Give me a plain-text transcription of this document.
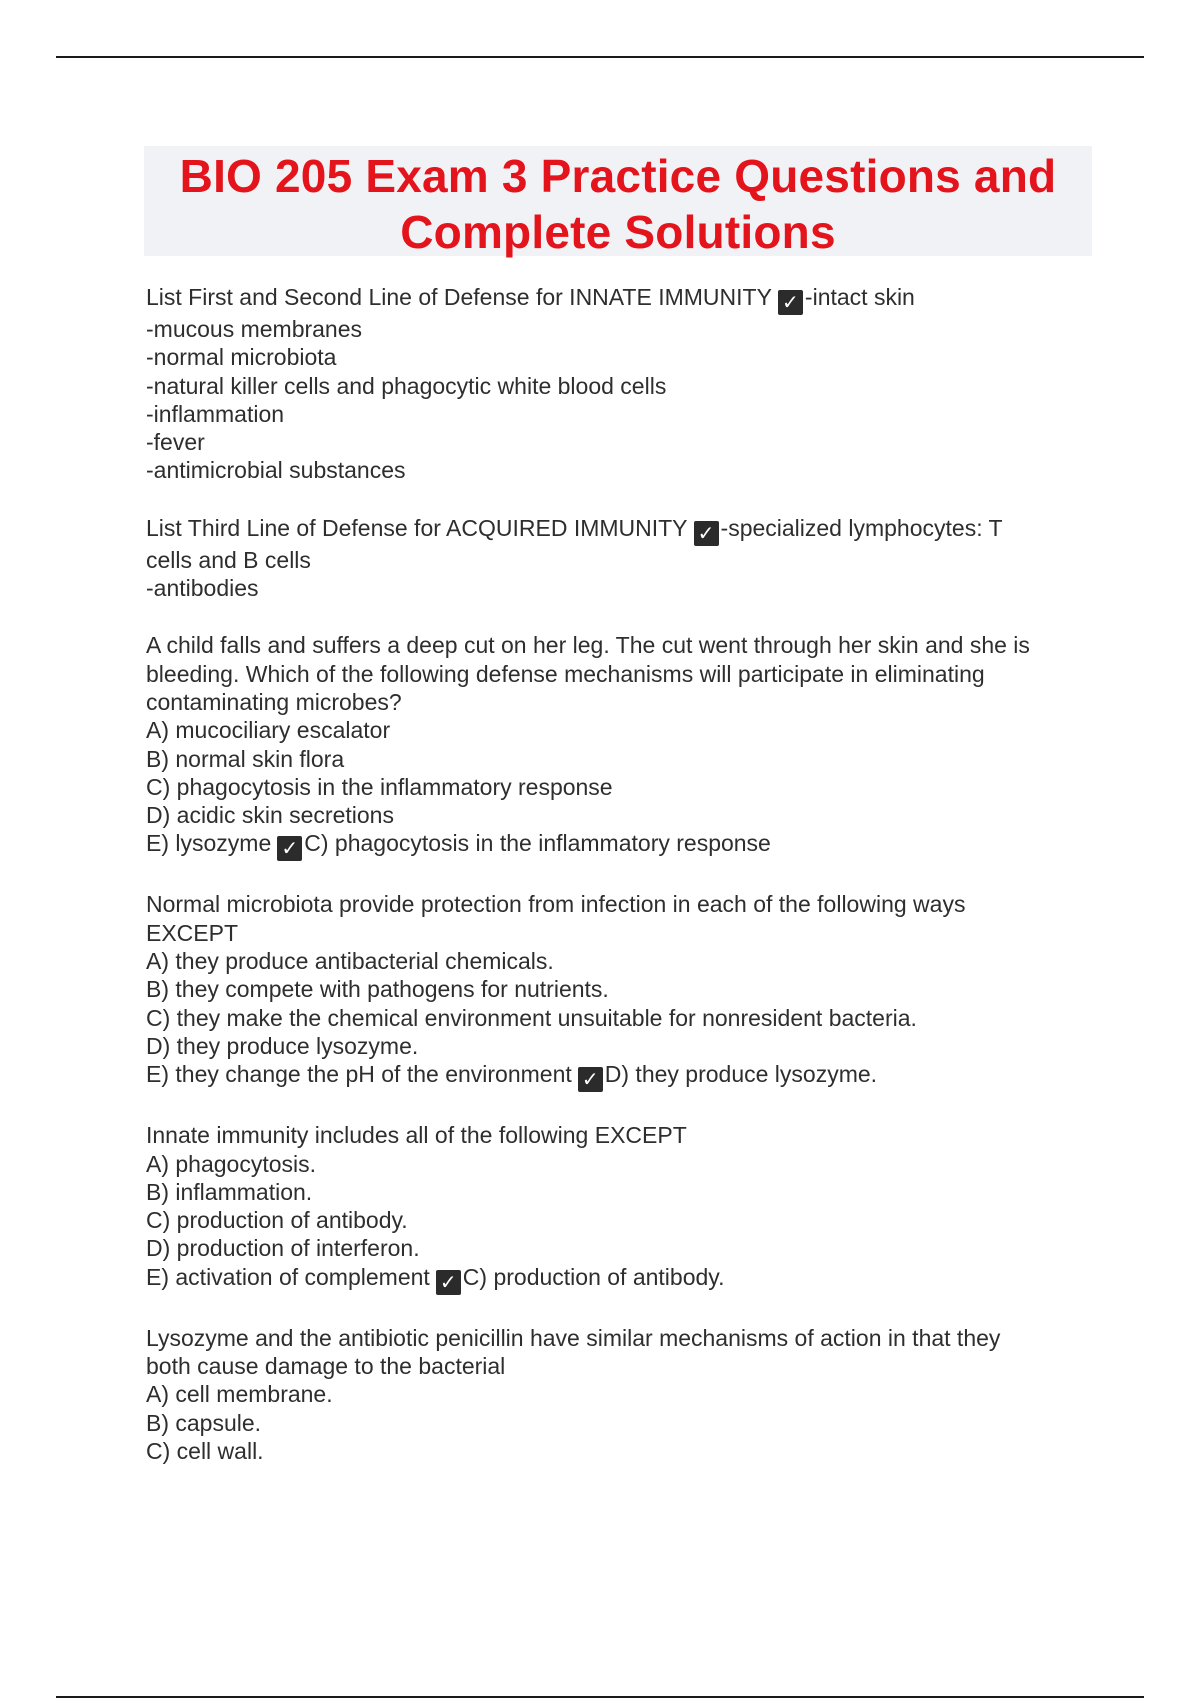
BIO 205 Exam 3 Practice Questions and
Complete Solutions
List First and Second Line of Defense for INNATE IMMUNITY ✓ -intact skin
-mucous membranes
-normal microbiota
-natural killer cells and phagocytic white blood cells
-inflammation
-fever
-antimicrobial substances
List Third Line of Defense for ACQUIRED IMMUNITY ✓ -specialized lymphocytes: T
cells and B cells
-antibodies
A child falls and suffers a deep cut on her leg. The cut went through her skin and she is
bleeding. Which of the following defense mechanisms will participate in eliminating
contaminating microbes?
A) mucociliary escalator
B) normal skin flora
C) phagocytosis in the inflammatory response
D) acidic skin secretions
E) lysozyme ✓ C) phagocytosis in the inflammatory response
Normal microbiota provide protection from infection in each of the following ways
EXCEPT
A) they produce antibacterial chemicals.
B) they compete with pathogens for nutrients.
C) they make the chemical environment unsuitable for nonresident bacteria.
D) they produce lysozyme.
E) they change the pH of the environment ✓ D) they produce lysozyme.
Innate immunity includes all of the following EXCEPT
A) phagocytosis.
B) inflammation.
C) production of antibody.
D) production of interferon.
E) activation of complement ✓ C) production of antibody.
Lysozyme and the antibiotic penicillin have similar mechanisms of action in that they
both cause damage to the bacterial
A) cell membrane.
B) capsule.
C) cell wall.
